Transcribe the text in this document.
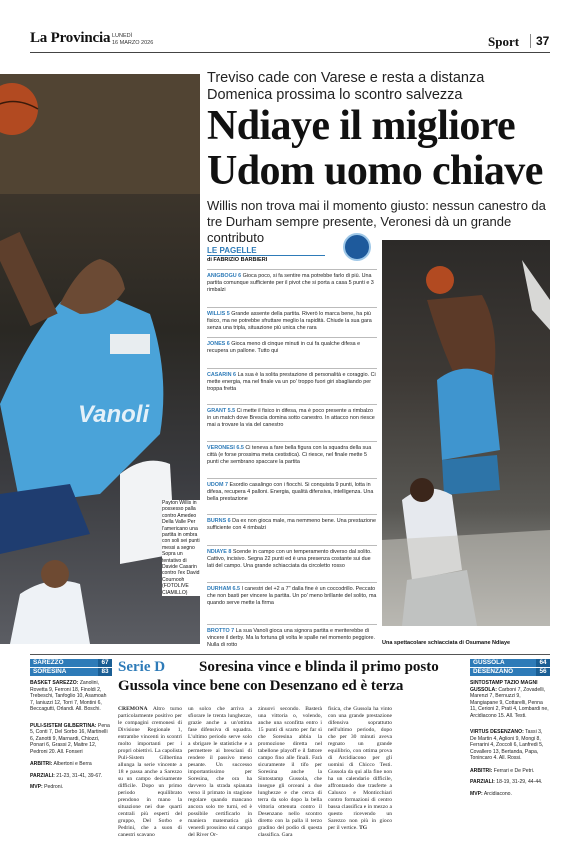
La Provincia LUNEDÌ
16 MARZO 2026	Sport	37
Vanoli
Treviso cade con Varese e resta a distanza
Domenica prossima lo scontro salvezza
Ndiaye il migliore
Udom uomo chiave
Willis non trova mai il momento giusto: nessun canestro da tre Durham sempre presente, Veronesi dà un grande contributo
LE PAGELLE
di FABRIZIO BARBIERI
ANIGBOGU 6 Gioca poco, si fa sentire ma potrebbe farlo di più. Una partita comunque sufficiente per il pivot che si porta a casa 5 punti e 3 rimbalzi
WILLIS 5 Grande assente della partita. Riverò lo marca bene, ha più fisico, ma ne potrebbe sfruttare meglio la rapidità. Chiude la sua gara senza una tripla, situazione più unica che rara
JONES 6 Gioca meno di cinque minuti in cui fa qualche difesa e recupera un pallone. Tutto qui
CASARIN 6 La sua è la solita prestazione di personalità e coraggio. Ci mette energia, ma nel finale va un po' troppo fuori giri sbagliando per troppa fretta
GRANT 5.5 Ci mette il fisico in difesa, ma è poco presente a rimbalzo in un match dove Brescia domina sotto canestro. In attacco non riesce mai a trovare la via del canestro
VERONESI 6.5 Ci teneva a fare bella figura con la squadra della sua città (e forse prossima meta cestistica). Ci riesce, nel finale mette 5 punti che sembrano spaccare la partita
UDOM 7 Esordio casalingo con i fiocchi. Si conquista 9 punti, lotta in difesa, recupera 4 palloni. Energia, qualità difensiva, intelligenza. Una bella prestazione
BURNS 6 Da ex non gioca male, ma nemmeno bene. Una prestazione sufficiente con 4 rimbalzi
NDIAYE 8 Scende in campo con un temperamento diverso dal solito. Cattivo, incisivo. Segna 22 punti ed è una presenza costante sui due lati del campo. Una grande schiacciata da circoletto rosso
DURHAM 6.5 I canestri del +2 a 7" dalla fine è un coccodrillo. Peccato che non basti per vincere la partita. Un po' meno brillante del solito, ma quando serve mette la firma
BROTTO 7 La sua Vanoli gioca una signora partita e meriterebbe di vincere il derby. Ma la fortuna gli volta le spalle nel momento peggiore. Nulla di rotto
Payton Willis in possesso palla contro Amedeo Della Valle Per l'americano una partita in ombra con soli sei punti messi a segno Sopra un tentativo di Davide Casarin contro l'ex David Cournooh (FOTOLIVE CIAMILLO)
Una spettacolare schiacciata di Osumane Ndiaye
SAREZZO	67
SORESINA	83
BASKET SAREZZO: Zanolini, Rovetta 9, Ferroni 18, Finoldi 2, Trebeschi, Tanfoglio 10, Asamoah 7, Ianiuzzi 12, Torri 7, Montini 6, Beccagutti, Orlandi. All. Boschi.
PULI-SISTEM GILBERTINA: Pena 5, Conti 7, Del Sorbo 16, Martinelli 6, Zanotti 9, Marnardi, Chiozzi, Ponari 6, Grassi 2, Maitre 12, Pedroni 20. All. Fonseri
ARBITRI: Albertoni e Berra
PARZIALI: 21-23, 31-41, 39-67.
MVP: Pedroni.
GUSSOLA	64
DESENZANO	56
SINTOSTAMP TAZIO MAGNI GUSSOLA: Carboni 7, Zovadelli, Marenzi 7, Bernuzzi 9, Mangiapane 9, Cottarelli, Penna 11, Cerioni 2, Prati 4, Lombardi ne, Arcidiacono 15. All. Testi.
VIRTUS DESENZANO: Tassi 3, De Martin 4, Aglioni 9, Mongi 8, Ferrarini 4, Zoccoli 6, Lanfredi 5, Covallero 13, Bertanda, Papa, Tonincaro 4. All. Rossi.
ARBITRI: Ferrari e De Petri.
PARZIALI: 18-19, 31-29, 44-44.
MVP: Arcidiacono.
Serie D Soresina vince e blinda il primo posto
Gussola vince bene con Desenzano ed è terza
CREMONA Altro turno particolarmente positivo per le compagini cremonesi di Divisione Regionale 1, entrambe vincenti in scontri molto importanti per i propri obiettivi. La capolista Puli-Sistem Gilbertina allunga la serie vincente a 18 e passa anche a Sarezzo su un campo decisamente difficile. Dopo un primo periodo equilibrato prendono in mano la situazione nei due quarti centrali più esperti del gruppo, Del Sorbo e Pedrini, che a suon di canestri scavano
un solco che arriva a sfiorare le trenta lunghezze, grazie anche a un'ottima fase difensiva di squadra. L'ultimo periodo serve solo a sbrigare le statistiche e a permettere ai bresciani di rendere il passivo meno pesante. Un successo importantissimo per Soresina, che ora ha davvero la strada spianata verso il primato in stagione regolare quando mancano ancora solo tre turni, ed è possibile certificarlo in maniera matematica già venerdì prossimo sul campo del River Or-
zinuovi secondo. Basterà una vittoria o, volendo, anche una sconfitta entro i 15 punti di scarto per far sì che Soresina abbia la promozione diretta nel tabellone playoff e il fattore campo fino alle finali. Farà sicuramente il tifo per Soresina anche la Sintostamp Gussola, che insegue gli orceani a due lunghezze e che cerca di terra da solo dopo la bella vittoria ottenuta contro il Desenzano nello scontro diretto con la palla il terzo gradino del podio di questa classifica. Gara
fisica, che Gussola ha vinto con una grande prestazione difensiva soprattutto nell'ultimo periodo, dopo che per 30 minuti aveva regnato un grande equilibrio, con ottima prova di Arcidiacono per gli uomini di Chicco Testi. Gussola da qui alla fine non ha un calendario difficile, affrontando due trasferte a Calusco e Monticchiari contro formazioni di centro bassa classifica e in mezzo a questo ricevendo un Sarezzo non più in gioco per il vertice. TG
